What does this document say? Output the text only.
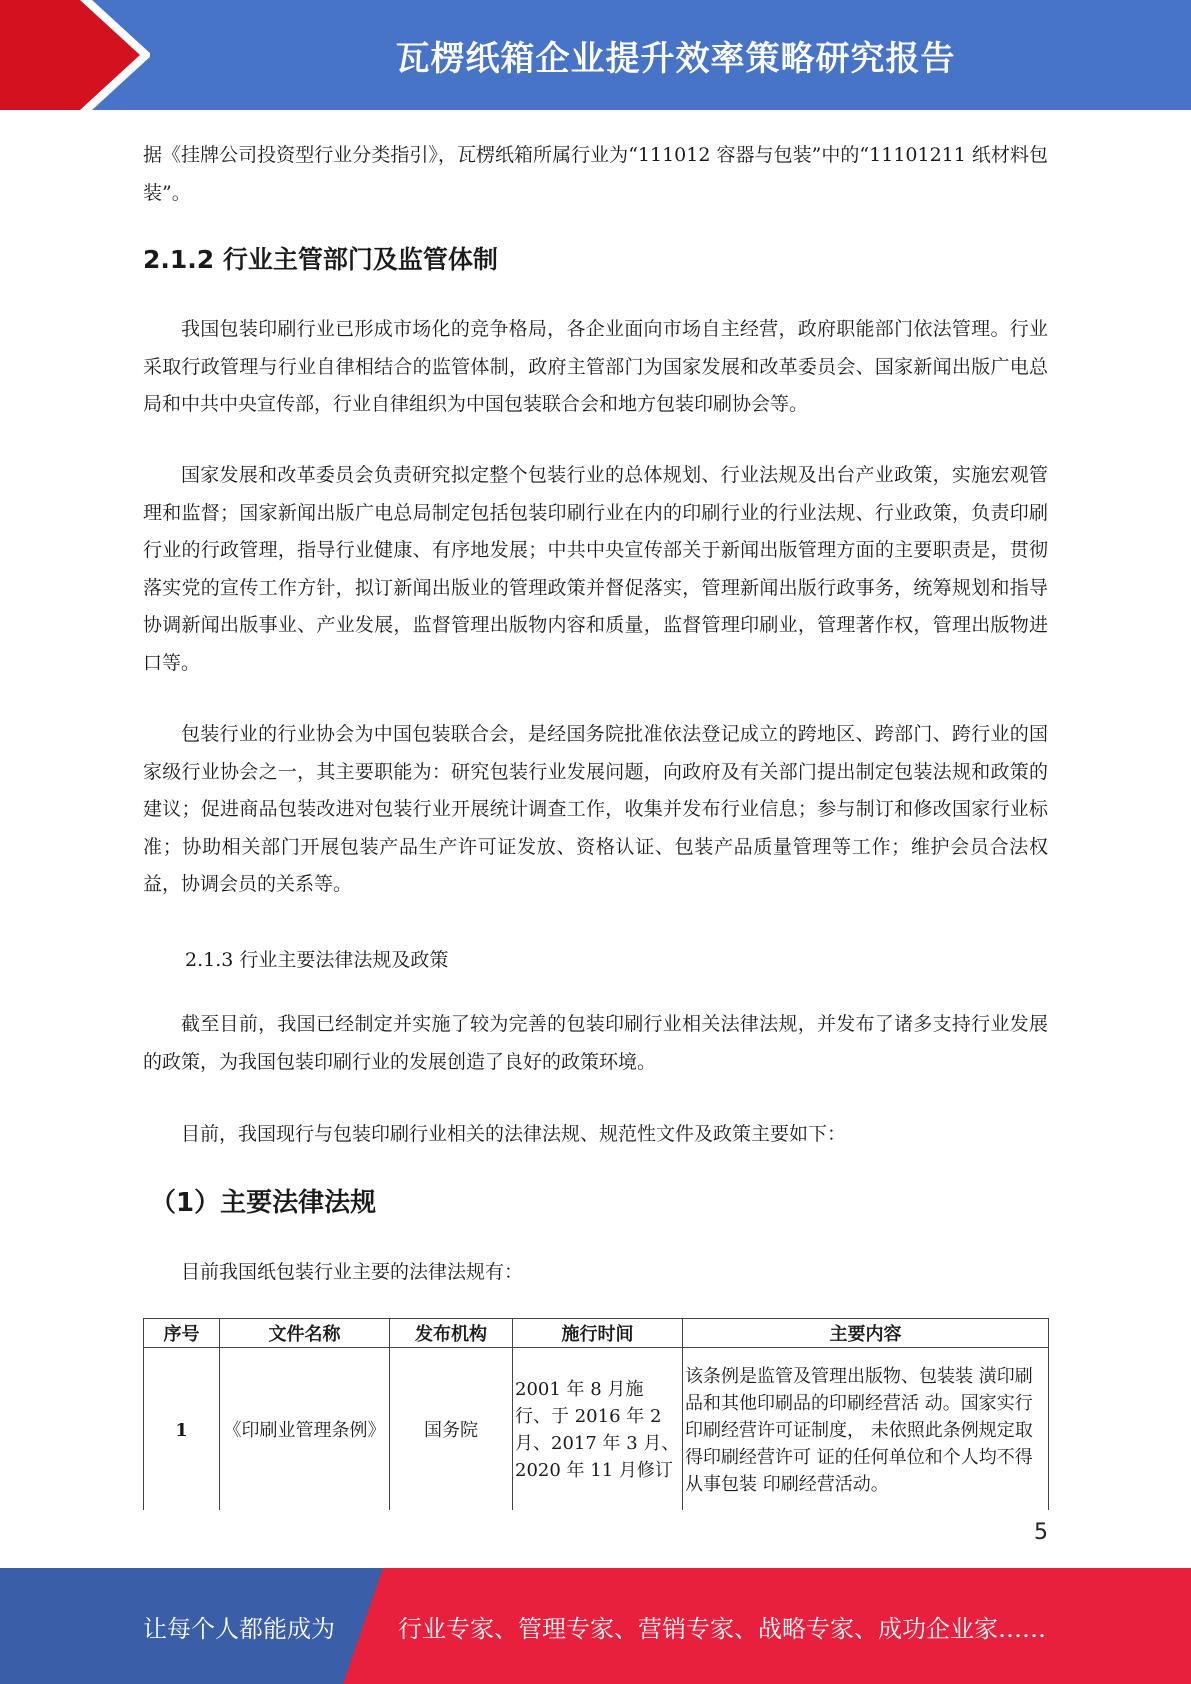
瓦楞纸箱企业提升效率策略研究报告

据《挂牌公司投资型行业分类指引》，瓦楞纸箱所属行业为“111012 容器与包装”中的“11101211 纸材料包装”。

2.1.2 行业主管部门及监管体制

我国包装印刷行业已形成市场化的竞争格局，各企业面向市场自主经营，政府职能部门依法管理。行业采取行政管理与行业自律相结合的监管体制，政府主管部门为国家发展和改革委员会、国家新闻出版广电总局和中共中央宣传部，行业自律组织为中国包装联合会和地方包装印刷协会等。

国家发展和改革委员会负责研究拟定整个包装行业的总体规划、行业法规及出台产业政策，实施宏观管理和监督；国家新闻出版广电总局制定包括包装印刷行业在内的印刷行业的行业法规、行业政策，负责印刷行业的行政管理，指导行业健康、有序地发展；中共中央宣传部关于新闻出版管理方面的主要职责是，贯彻落实党的宣传工作方针，拟订新闻出版业的管理政策并督促落实，管理新闻出版行政事务，统筹规划和指导协调新闻出版事业、产业发展，监督管理出版物内容和质量，监督管理印刷业，管理著作权，管理出版物进口等。

包装行业的行业协会为中国包装联合会，是经国务院批准依法登记成立的跨地区、跨部门、跨行业的国家级行业协会之一，其主要职能为：研究包装行业发展问题，向政府及有关部门提出制定包装法规和政策的建议；促进商品包装改进对包装行业开展统计调查工作，收集并发布行业信息；参与制订和修改国家行业标准；协助相关部门开展包装产品生产许可证发放、资格认证、包装产品质量管理等工作；维护会员合法权益，协调会员的关系等。

2.1.3 行业主要法律法规及政策

截至目前，我国已经制定并实施了较为完善的包装印刷行业相关法律法规，并发布了诸多支持行业发展的政策，为我国包装印刷行业的发展创造了良好的政策环境。

目前，我国现行与包装印刷行业相关的法律法规、规范性文件及政策主要如下：

（1）主要法律法规

目前我国纸包装行业主要的法律法规有：

序号	文件名称	发布机构	施行时间	主要内容
1	《印刷业管理条例》	国务院	2001 年 8 月施 行、于 2016 年 2 月、2017 年 3 月、2020 年 11 月修订	该条例是监管及管理出版物、包装装 潢印刷品和其他印刷品的印刷经营活 动。国家实行印刷经营许可证制度， 未依照此条例规定取得印刷经营许可 证的任何单位和个人均不得从事包装 印刷经营活动。
5
让每个人都能成为	行业专家、管理专家、营销专家、战略专家、成功企业家……
